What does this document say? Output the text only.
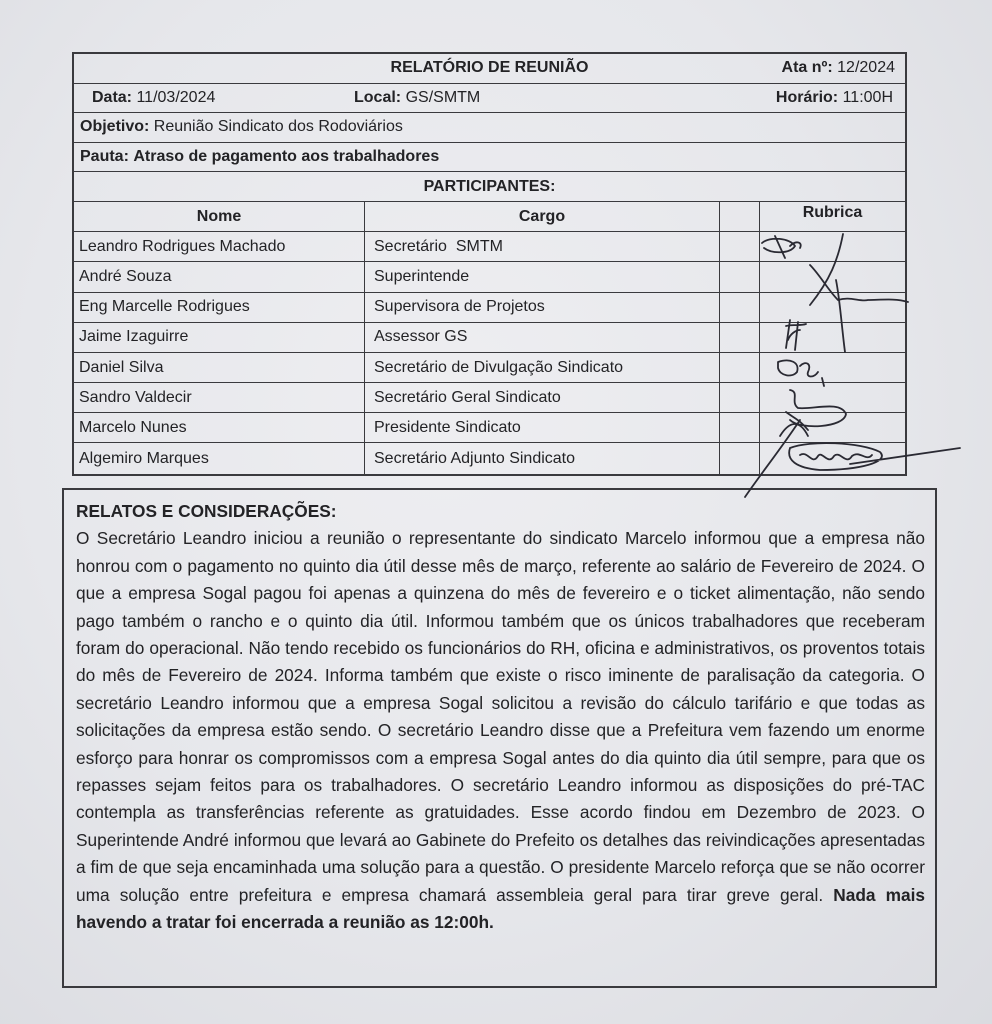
RELATÓRIO DE REUNIÃO	Ata nº: 12/2024
Data: 11/03/2024	Local: GS/SMTM	Horário: 11:00H
Objetivo:
Reunião Sindicato dos Rodoviários
Pauta:
Atraso de pagamento aos trabalhadores
PARTICIPANTES:
Nome	Cargo	Rubrica
Leandro Rodrigues Machado	Secretário  SMTM
André Souza	Superintende
Eng Marcelle Rodrigues	Supervisora de Projetos
Jaime Izaguirre	Assessor GS
Daniel Silva	Secretário de Divulgação Sindicato
Sandro Valdecir	Secretário Geral Sindicato
Marcelo Nunes	Presidente Sindicato
Algemiro Marques	Secretário Adjunto Sindicato
RELATOS E CONSIDERAÇÕES:
O Secretário Leandro iniciou a reunião o representante do sindicato Marcelo informou que a empresa não honrou com o pagamento no quinto dia útil desse mês de março, referente ao salário de Fevereiro de 2024. O que a empresa Sogal pagou foi apenas a quinzena do mês de fevereiro e o ticket alimentação, não sendo pago também o rancho e o quinto dia útil. Informou também que os únicos trabalhadores que receberam foram do operacional. Não tendo recebido os funcionários do RH, oficina e administrativos, os proventos totais do mês de Fevereiro de 2024. Informa também que existe o risco iminente de paralisação da categoria. O secretário Leandro informou que a empresa Sogal solicitou a revisão do cálculo tarifário e que todas as solicitações da empresa estão sendo. O secretário Leandro disse que a Prefeitura vem fazendo um enorme esforço para honrar os compromissos com a empresa Sogal antes do dia quinto dia útil sempre, para que os repasses sejam feitos para os trabalhadores. O secretário Leandro informou as disposições do pré-TAC contempla as transferências referente as gratuidades. Esse acordo findou em Dezembro de 2023. O Superintende André informou que levará ao Gabinete do Prefeito os detalhes das reivindicações apresentadas a fim de que seja encaminhada uma solução para a questão. O presidente Marcelo reforça que se não ocorrer uma solução entre prefeitura e empresa chamará assembleia geral para tirar greve geral. Nada mais havendo a tratar foi encerrada a reunião as 12:00h.
